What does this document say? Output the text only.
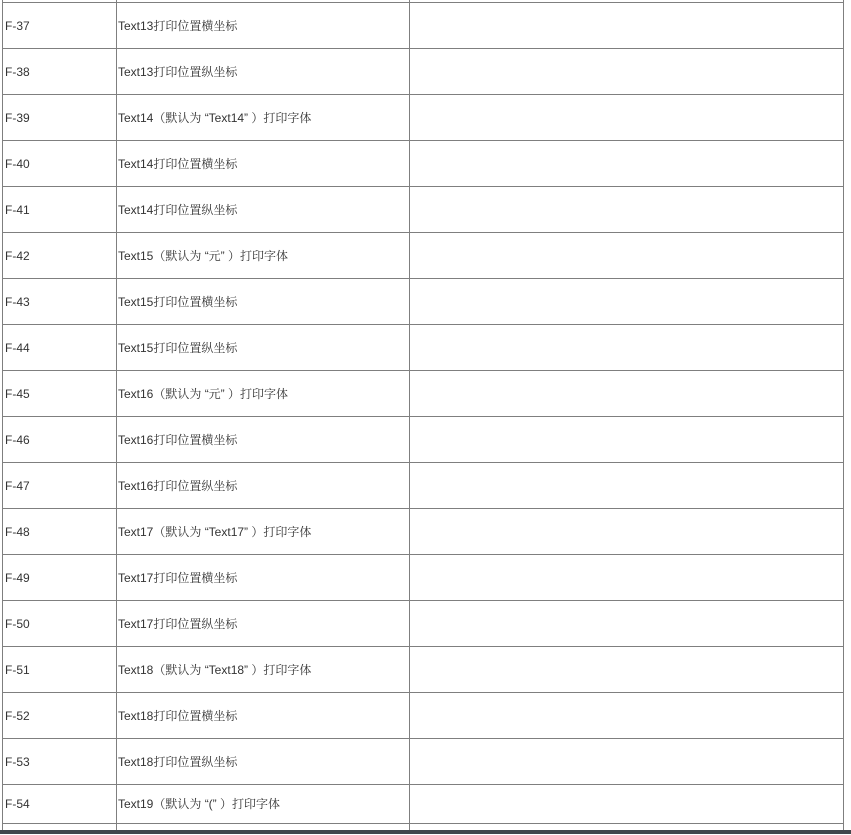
F-37	Text13打印位置横坐标	
F-38	Text13打印位置纵坐标	
F-39	Text14（默认为 “Text14” ）打印字体	
F-40	Text14打印位置横坐标	
F-41	Text14打印位置纵坐标	
F-42	Text15（默认为 “元” ）打印字体	
F-43	Text15打印位置横坐标	
F-44	Text15打印位置纵坐标	
F-45	Text16（默认为 “元” ）打印字体	
F-46	Text16打印位置横坐标	
F-47	Text16打印位置纵坐标	
F-48	Text17（默认为 “Text17” ）打印字体	
F-49	Text17打印位置横坐标	
F-50	Text17打印位置纵坐标	
F-51	Text18（默认为 “Text18” ）打印字体	
F-52	Text18打印位置横坐标	
F-53	Text18打印位置纵坐标	
F-54	Text19（默认为 “(” ）打印字体	
